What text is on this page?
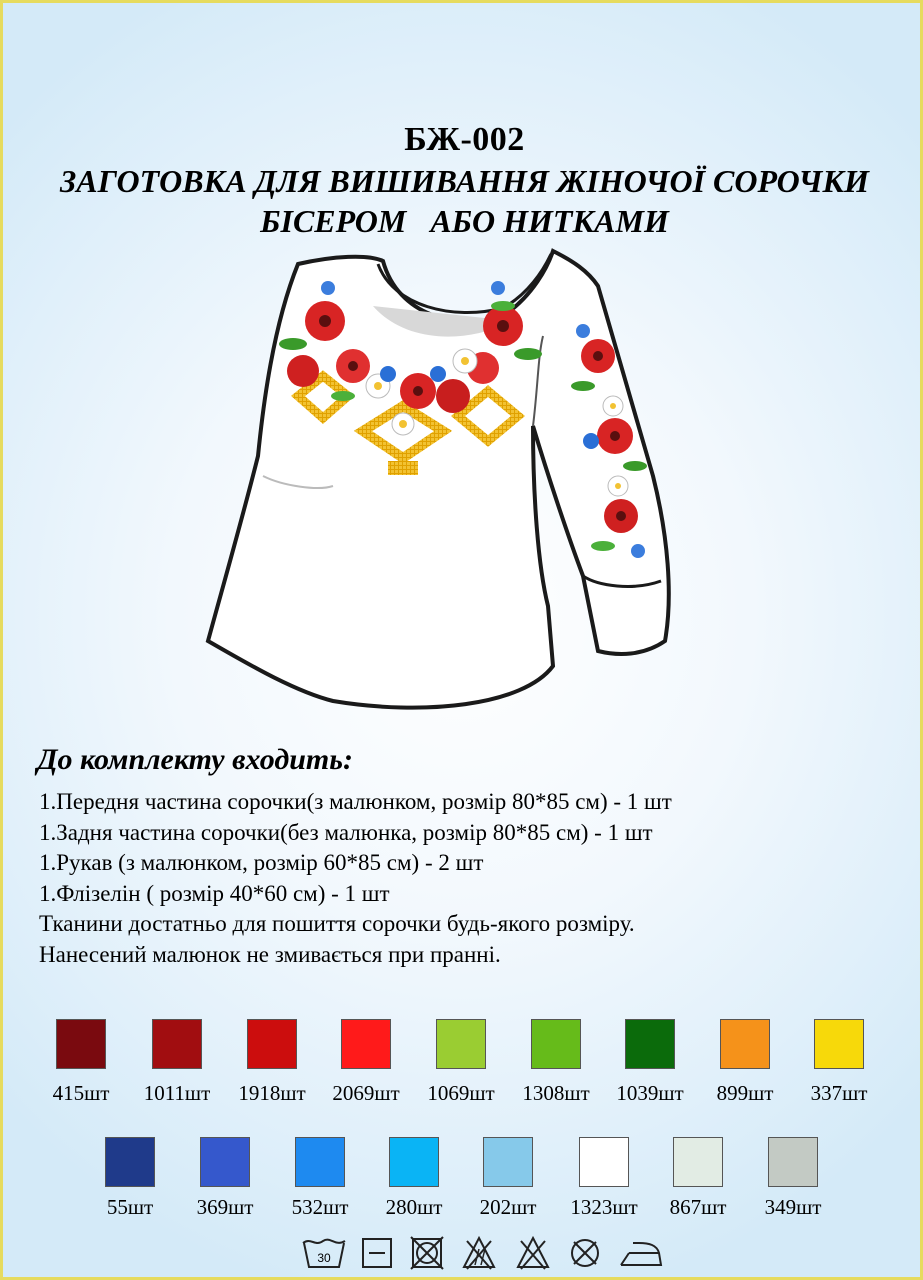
БЖ-002
ЗАГОТОВКА ДЛЯ ВИШИВАННЯ ЖІНОЧОЇ СОРОЧКИ
БІСЕРОМ   АБО НИТКАМИ
До комплекту входить:
1.Передня частина сорочки(з малюнком, розмір 80*85 см) - 1 шт
1.Задня частина сорочки(без малюнка, розмір 80*85 см) - 1 шт
1.Рукав (з малюнком, розмір 60*85 см) - 2 шт
1.Флізелін ( розмір 40*60 см) - 1 шт
Тканини достатньо для пошиття сорочки будь-якого розміру.
Нанесений малюнок не змивається при пранні.
415шт	1011шт	1918шт	2069шт	1069шт	1308шт	1039шт	899шт	337шт
55шт	369шт	532шт	280шт	202шт	1323шт	867шт	349шт
30
